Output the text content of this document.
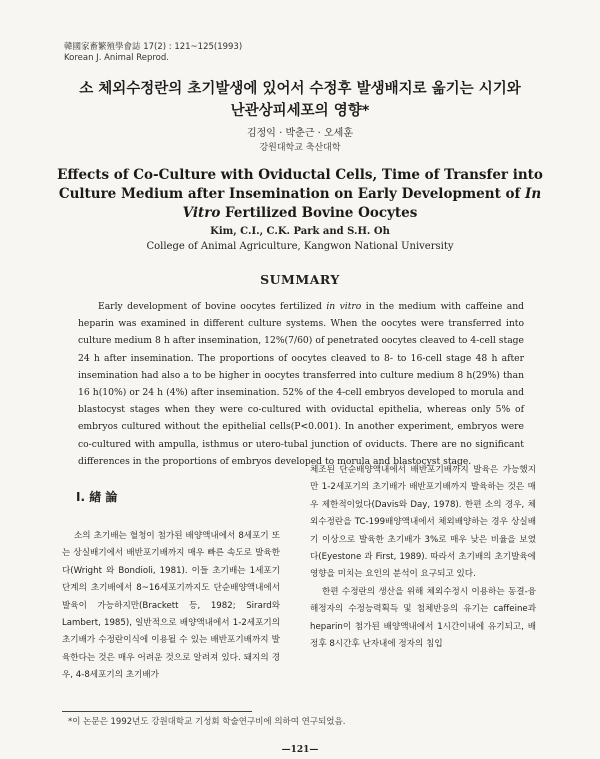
韓國家畜繁殖學會誌 17(2) : 121~125(1993)
Korean J. Animal Reprod.
소 체외수정란의 초기발생에 있어서 수정후 발생배지로 옮기는 시기와
난관상피세포의 영향*
김정익 · 박춘근 · 오세훈
강원대학교 축산대학
Effects of Co-Culture with Oviductal Cells, Time of Transfer into Culture Medium after Insemination on Early Development of In Vitro Fertilized Bovine Oocytes
Kim, C.I., C.K. Park and S.H. Oh
College of Animal Agriculture, Kangwon National University
SUMMARY

Early development of bovine oocytes fertilized in vitro in the medium with caffeine and heparin was examined in different culture systems. When the oocytes were transferred into culture medium 8 h after insemination, 12%(7/60) of penetrated oocytes cleaved to 4-cell stage 24 h after insemination. The proportions of oocytes cleaved to 8- to 16-cell stage 48 h after insemination had also a to be higher in oocytes transferred into culture medium 8 h(29%) than 16 h(10%) or 24 h (4%) after insemination. 52% of the 4-cell embryos developed to morula and blastocyst stages when they were co-cultured with oviductal epithelia, whereas only 5% of embryos cultured without the epithelial cells(P<0.001). In another experiment, embryos were co-cultured with ampulla, isthmus or utero-tubal junction of oviducts. There are no significant differences in the proportions of embryos developed to morula and blastocyst stage.

I. 緖 論

소의 초기배는 혈청이 첨가된 배양액내에서 8세포기 또는 상실배기에서 배반포기배까지 매우 빠른 속도로 발육한다(Wright 와 Bondioli, 1981). 이들 초기배는 1세포기 단계의 초기배에서 8~16세포기까지도 단순배양액내에서 발육이 가능하지만(Brackett 등, 1982; Sirard와 Lambert, 1985), 일반적으로 배양액내에서 1-2세포기의 초기배가 수정란이식에 이용될 수 있는 배반포기배까지 발육한다는 것은 매우 어려운 것으로 알려져 있다. 돼지의 경우, 4-8세포기의 초기배가

체조된 단순배양액내에서 배반포기배까지 발육은 가능했지만 1-2세포기의 초기배가 배반포기배까지 발육하는 것은 매우 제한적이었다(Davis와 Day, 1978). 한편 소의 경우, 체외수정란을 TC-199배양액내에서 체외배양하는 경우 상실배기 이상으로 발육한 초기배가 3%로 매우 낮은 비율을 보였다(Eyestone 과 First, 1989). 따라서 초기배의 초기발육에 영향을 미치는 요인의 분석이 요구되고 있다.

한편 수정란의 생산을 위해 체외수정시 이용하는 동결-융해정자의 수정능력획득 및 첨체반응의 유기는 caffeine과 heparin이 첨가된 배양액내에서 1시간이내에 유기되고, 배정후 8시간후 난자내에 정자의 침입

*이 논문은 1992년도 강원대학교 기성회 학술연구비에 의하여 연구되었음.
—121—
